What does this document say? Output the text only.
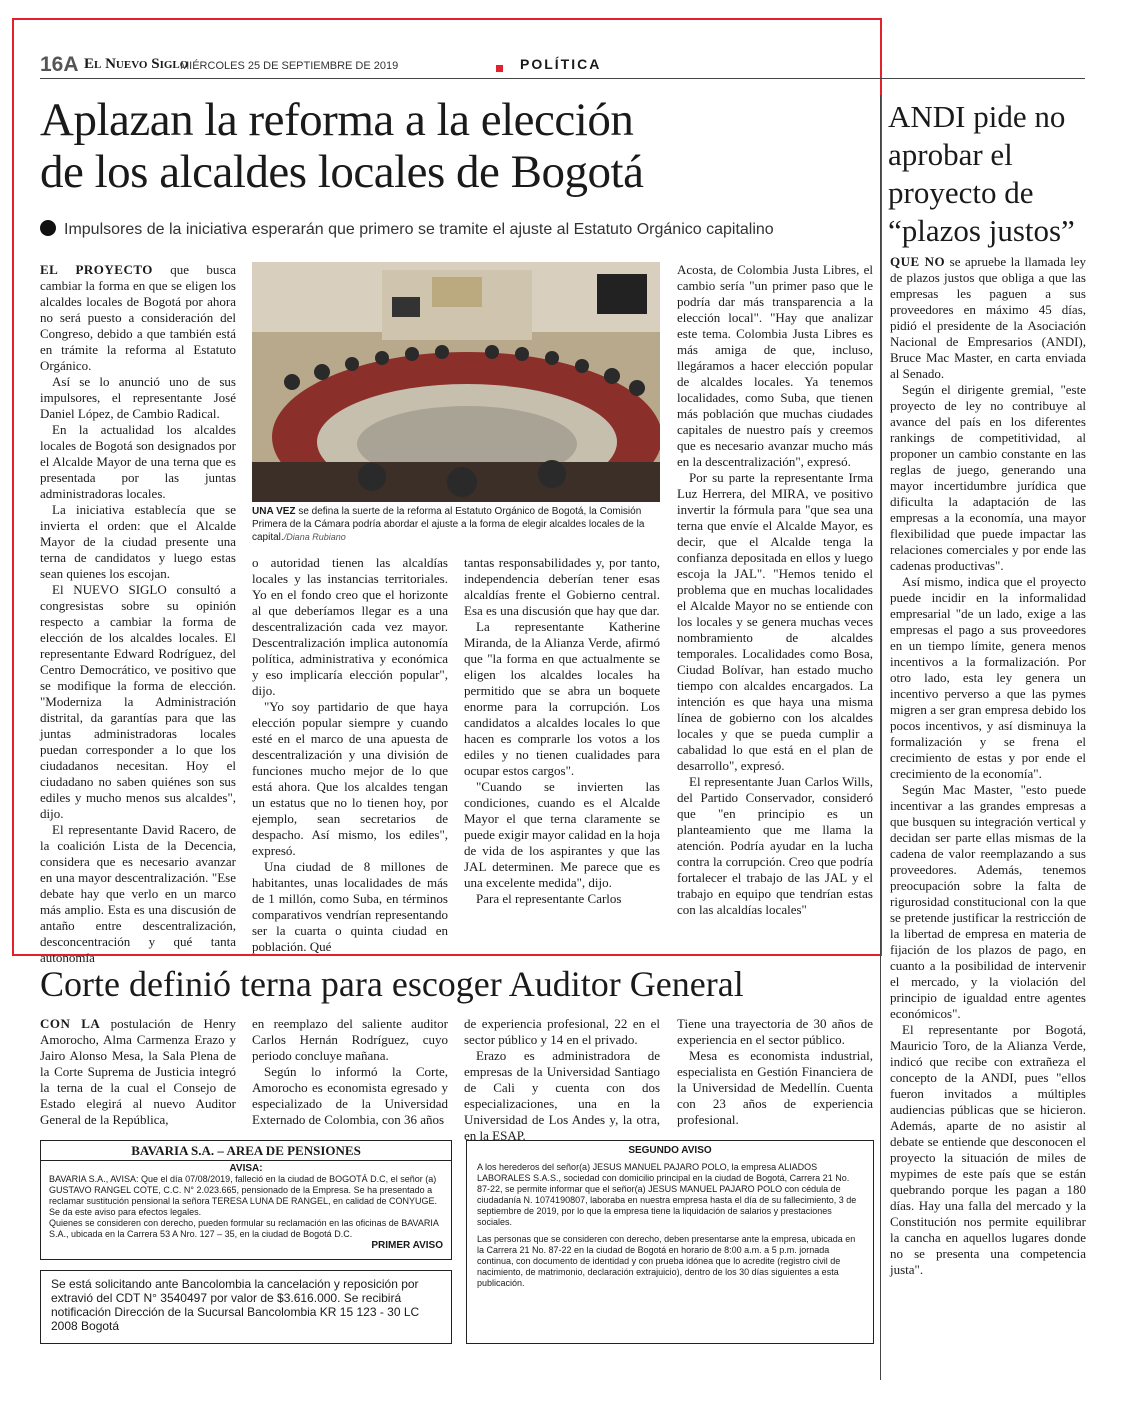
16A El Nuevo Siglo
MIÉRCOLES 25 DE SEPTIEMBRE DE 2019	POLÍTICA
Aplazan la reforma a la elección
de los alcaldes locales de Bogotá
Impulsores de la iniciativa esperarán que primero se tramite el ajuste al Estatuto Orgánico capitalino

EL PROYECTO que busca cambiar la forma en que se eligen los alcaldes locales de Bogotá por ahora no será puesto a consideración del Congreso, debido a que también está en trámite la reforma al Estatuto Orgánico.

Así se lo anunció uno de sus impulsores, el representante José Daniel López, de Cambio Radical.

En la actualidad los alcaldes locales de Bogotá son designados por el Alcalde Mayor de una terna que es presentada por las juntas administradoras locales.

La iniciativa establecía que se invierta el orden: que el Alcalde Mayor de la ciudad presente una terna de candidatos y luego estas sean quienes los escojan.

El NUEVO SIGLO consultó a congresistas sobre su opinión respecto a cambiar la forma de elección de los alcaldes locales. El representante Edward Rodríguez, del Centro Democrático, ve positivo que se modifique la forma de elección. "Moderniza la Administración distrital, da garantías para que las juntas administradoras locales puedan corresponder a lo que los ciudadanos necesitan. Hoy el ciudadano no saben quiénes son sus ediles y mucho menos sus alcaldes", dijo.

El representante David Racero, de la coalición Lista de la Decencia, considera que es necesario avanzar en una mayor descentralización. "Ese debate hay que verlo en un marco más amplio. Esta es una discusión de antaño entre descentralización, desconcentración y qué tanta autonomía

UNA VEZ se defina la suerte de la reforma al Estatuto Orgánico de Bogotá, la Comisión Primera de la Cámara podría abordar el ajuste a la forma de elegir alcaldes locales de la capital./Diana Rubiano

o autoridad tienen las alcaldías locales y las instancias territoriales. Yo en el fondo creo que el horizonte al que deberíamos llegar es a una descentralización cada vez mayor. Descentralización implica autonomía política, administrativa y económica y eso implicaría elección popular", dijo.

"Yo soy partidario de que haya elección popular siempre y cuando esté en el marco de una apuesta de descentralización y una división de funciones mucho mejor de lo que está ahora. Que los alcaldes tengan un estatus que no lo tienen hoy, por ejemplo, sean secretarios de despacho. Así mismo, los ediles", expresó.

Una ciudad de 8 millones de habitantes, unas localidades de más de 1 millón, como Suba, en términos comparativos vendrían representando ser la cuarta o quinta ciudad en población. Qué

tantas responsabilidades y, por tanto, independencia deberían tener esas alcaldías frente el Gobierno central. Esa es una discusión que hay que dar.

La representante Katherine Miranda, de la Alianza Verde, afirmó que "la forma en que actualmente se eligen los alcaldes locales ha permitido que se abra un boquete enorme para la corrupción. Los candidatos a alcaldes locales lo que hacen es comprarle los votos a los ediles y no tienen cualidades para ocupar estos cargos".

"Cuando se invierten las condiciones, cuando es el Alcalde Mayor el que terna claramente se puede exigir mayor calidad en la hoja de vida de los aspirantes y que las JAL determinen. Me parece que es una excelente medida", dijo.

Para el representante Carlos

Acosta, de Colombia Justa Libres, el cambio sería "un primer paso que le podría dar más transparencia a la elección local". "Hay que analizar este tema. Colombia Justa Libres es más amiga de que, incluso, llegáramos a hacer elección popular de alcaldes locales. Ya tenemos localidades, como Suba, que tienen más población que muchas ciudades capitales de nuestro país y creemos que es necesario avanzar mucho más en la descentralización", expresó.

Por su parte la representante Irma Luz Herrera, del MIRA, ve positivo invertir la fórmula para "que sea una terna que envíe el Alcalde Mayor, es decir, que el Alcalde tenga la confianza depositada en ellos y luego escoja la JAL". "Hemos tenido el problema que en muchas localidades el Alcalde Mayor no se entiende con los locales y se genera muchas veces nombramiento de alcaldes temporales. Localidades como Bosa, Ciudad Bolívar, han estado mucho tiempo con alcaldes encargados. La intención es que haya una misma línea de gobierno con los alcaldes locales y que se pueda cumplir a cabalidad lo que está en el plan de desarrollo", expresó.

El representante Juan Carlos Wills, del Partido Conservador, consideró que "en principio es un planteamiento que me llama la atención. Podría ayudar en la lucha contra la corrupción. Creo que podría fortalecer el trabajo de las JAL y el trabajo en equipo que tendrían estas con las alcaldías locales"

ANDI pide no aprobar el proyecto de “plazos justos”

QUE NO se apruebe la llamada ley de plazos justos que obliga a que las empresas les paguen a sus proveedores en máximo 45 días, pidió el presidente de la Asociación Nacional de Empresarios (ANDI), Bruce Mac Master, en carta enviada al Senado.

Según el dirigente gremial, "este proyecto de ley no contribuye al avance del país en los diferentes rankings de competitividad, al proponer un cambio constante en las reglas de juego, generando una mayor incertidumbre jurídica que dificulta la adaptación de las empresas a la economía, una mayor flexibilidad que puede impactar las relaciones comerciales y por ende las cadenas productivas".

Así mismo, indica que el proyecto puede incidir en la informalidad empresarial "de un lado, exige a las empresas el pago a sus proveedores en un tiempo límite, genera menos incentivos a la formalización. Por otro lado, esta ley genera un incentivo perverso a que las pymes migren a ser gran empresa debido los pocos incentivos, y así disminuya la formalización y se frena el crecimiento de estas y por ende el crecimiento de la economía".

Según Mac Master, "esto puede incentivar a las grandes empresas a que busquen su integración vertical y decidan ser parte ellas mismas de la cadena de valor reemplazando a sus proveedores. Además, tenemos preocupación sobre la falta de rigurosidad constitucional con la que se pretende justificar la restricción de la libertad de empresa en materia de fijación de los plazos de pago, en cuanto a la posibilidad de intervenir el mercado, y la violación del principio de igualdad entre agentes económicos".

El representante por Bogotá, Mauricio Toro, de la Alianza Verde, indicó que recibe con extrañeza el concepto de la ANDI, pues "ellos fueron invitados a múltiples audiencias públicas que se hicieron. Además, aparte de no asistir al debate se entiende que desconocen el proyecto la situación de miles de mypimes de este país que se están quebrando porque les pagan a 180 días. Hay una falla del mercado y la Constitución nos permite equilibrar la cancha en aquellos lugares donde no se presenta una competencia justa".

Corte definió terna para escoger Auditor General

CON LA postulación de Henry Amorocho, Alma Carmenza Erazo y Jairo Alonso Mesa, la Sala Plena de la Corte Suprema de Justicia integró la terna de la cual el Consejo de Estado elegirá al nuevo Auditor General de la República,

en reemplazo del saliente auditor Carlos Hernán Rodríguez, cuyo periodo concluye mañana.

Según lo informó la Corte, Amorocho es economista egresado y especializado de la Universidad Externado de Colombia, con 36 años

de experiencia profesional, 22 en el sector público y 14 en el privado.

Erazo es administradora de empresas de la Universidad Santiago de Cali y cuenta con dos especializaciones, una en la Universidad de Los Andes y, la otra, en la ESAP.

Tiene una trayectoria de 30 años de experiencia en el sector público.

Mesa es economista industrial, especialista en Gestión Financiera de la Universidad de Medellín. Cuenta con 23 años de experiencia profesional.

BAVARIA S.A. – AREA DE PENSIONES
AVISA:

BAVARIA S.A., AVISA: Que el día 07/08/2019, falleció en la ciudad de BOGOTÁ D.C, el señor (a) GUSTAVO RANGEL COTE, C.C. N° 2.023.665, pensionado de la Empresa. Se ha presentado a reclamar sustitución pensional la señora TERESA LUNA DE RANGEL, en calidad de CONYUGE. Se da este aviso para efectos legales.

Quienes se consideren con derecho, pueden formular su reclamación en las oficinas de BAVARIA S.A., ubicada en la Carrera 53 A Nro. 127 – 35, en la ciudad de Bogotá D.C.

PRIMER AVISO

Se está solicitando ante Bancolombia la cancelación y reposición por extravió del CDT N° 3540497 por valor de $3.616.000. Se recibirá notificación Dirección de la Sucursal Bancolombia KR 15 123 - 30 LC 2008 Bogotá

SEGUNDO AVISO

A los herederos del señor(a) JESUS MANUEL PAJARO POLO, la empresa ALIADOS LABORALES S.A.S., sociedad con domicilio principal en la ciudad de Bogotá, Carrera 21 No. 87-22, se permite informar que el señor(a) JESUS MANUEL PAJARO POLO con cédula de ciudadanía N. 1074190807, laboraba en nuestra empresa hasta el día de su fallecimiento, 3 de septiembre de 2019, por lo que la empresa tiene la liquidación de salarios y prestaciones sociales.

Las personas que se consideren con derecho, deben presentarse ante la empresa, ubicada en la Carrera 21 No. 87-22 en la ciudad de Bogotá en horario de 8:00 a.m. a 5 p.m. jornada continua, con documento de identidad y con prueba idónea que lo acredite (registro civil de nacimiento, de matrimonio, declaración extrajuicio), dentro de los 30 días siguientes a esta publicación.
